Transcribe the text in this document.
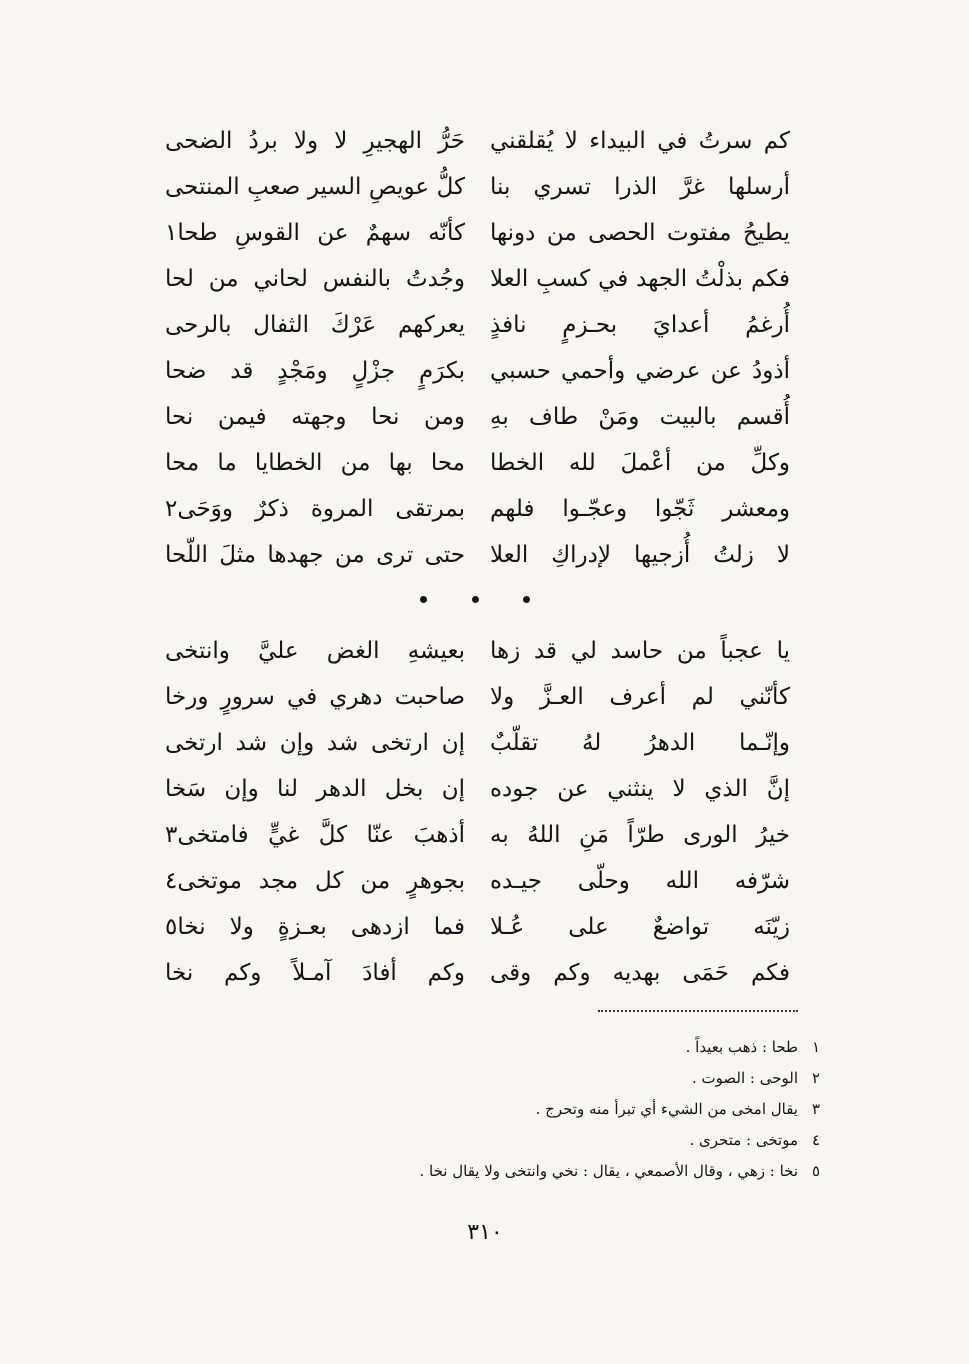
كم سرتُ في البيداء لا يُقلقني
حَرُّ الهجيرِ لا ولا بردُ الضحى
أرسلها غرَّ الذرا تسري بنا
كلُّ عويصِ السير صعبِ المنتحى
يطيحُ مفتوت الحصى من دونها
كأنّه سهمٌ عن القوسِ طحا١
فكم بذلْتُ الجهد في كسبِ العلا
وجُدتُ بالنفس لحاني من لحا
أُرغمُ أعدايَ بحـزمٍ نافذٍ
يعركهم عَرْكَ الثفال بالرحى
أذودُ عن عرضي وأحمي حسبي
بكرَمٍ جزْلٍ ومَجْدٍ قد ضحا
أُقسم بالبيت ومَنْ طاف بهِ
ومن نحا وجهته فيمن نحا
وكلِّ من أعْملَ لله الخطا
محا بها من الخطايا ما محا
ومعشر ثَجّوا وعجّـوا فلهم
بمرتقى المروة ذكرٌ ووَحَى٢
لا زلتُ أُزجيها لإدراكِ العلا
حتى ترى من جهدها مثلَ اللّحا
يا عجباً من حاسد لي قد زها
بعيشهِ الغض عليَّ وانتخى
كأنّني لم أعرف العـزَّ ولا
صاحبت دهري في سرورٍ ورخا
وإنّـما الدهرُ لهُ تقلّبٌ
إن ارتخى شد وإن شد ارتخى
إنَّ الذي لا ينثني عن جوده
إن بخل الدهر لنا وإن سَخا
خيرُ الورى طرّاً مَنِ اللهُ به
أذهبَ عنّا كلَّ غيٍّ فامتخى٣
شرّفه الله وحلّى جيـده
بجوهرٍ من كل مجد موتخى٤
زيّنَه تواضعٌ على عُـلا
فما ازدهى بعـزةٍ ولا نخا٥
فكم حَمَى بهديه وكم وقى
وكم أفادَ آمـلاً وكم نخا
١
طحا : ذهب بعيداً .
٢
الوحى : الصوت .
٣
يقال امخى من الشيء أي تبرأ منه وتحرج .
٤
موتخى : متحرى .
٥
نخا : زهي ، وقال الأصمعي ، يقال : نخي وانتخى ولا يقال نخا .
٣١٠
